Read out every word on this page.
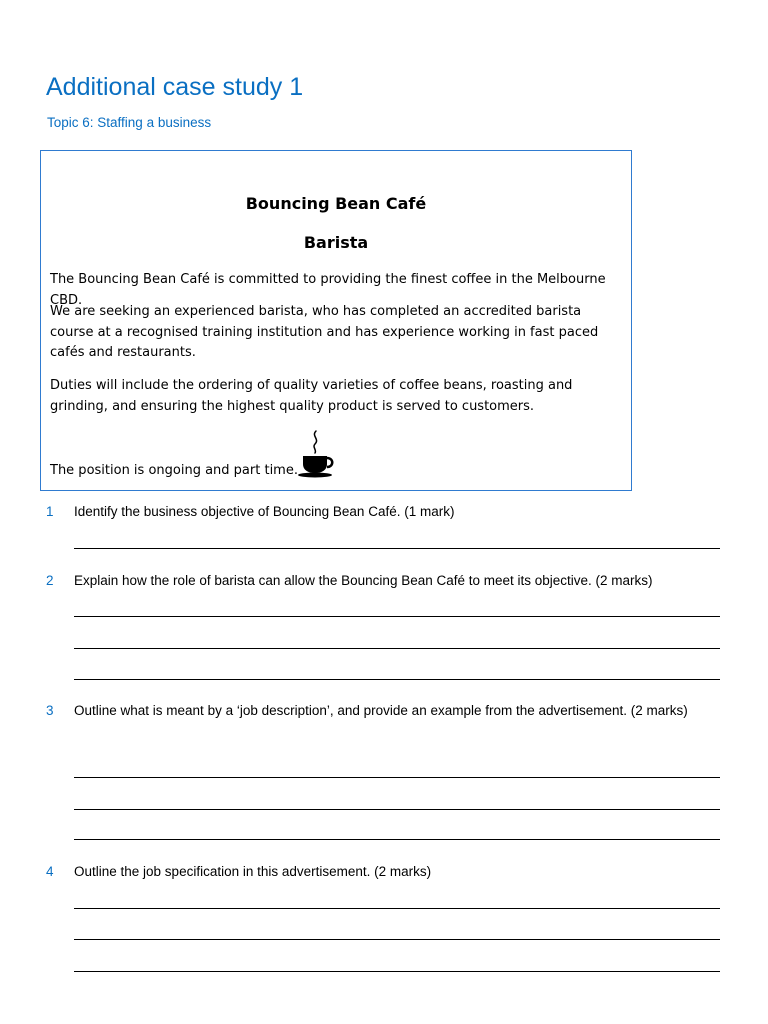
Additional case study 1
Topic 6: Staffing a business
Bouncing Bean Café
Barista

The Bouncing Bean Café is committed to providing the finest coffee in the Melbourne CBD.

We are seeking an experienced barista, who has completed an accredited barista course at a recognised training institution and has experience working in fast paced cafés and restaurants.

Duties will include the ordering of quality varieties of coffee beans, roasting and grinding, and ensuring the highest quality product is served to customers.

The position is ongoing and part time.
1 Identify the business objective of Bouncing Bean Café. (1 mark)
2 Explain how the role of barista can allow the Bouncing Bean Café to meet its objective. (2 marks)
3 Outline what is meant by a ‘job description’, and provide an example from the advertisement. (2 marks)
4 Outline the job specification in this advertisement. (2 marks)
